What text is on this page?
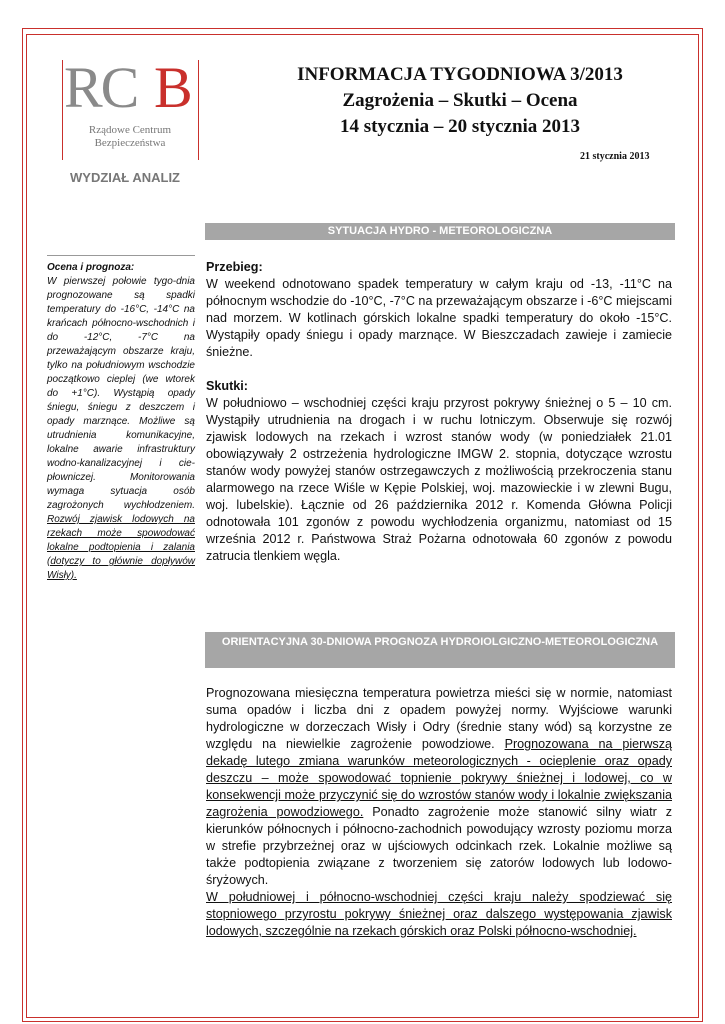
RC B
Rządowe Centrum
Bezpieczeństwa
WYDZIAŁ ANALIZ
INFORMACJA TYGODNIOWA 3/2013
Zagrożenia – Skutki – Ocena
14 stycznia – 20 stycznia 2013
21 stycznia 2013
SYTUACJA HYDRO - METEOROLOGICZNA
Ocena i prognoza:
W pierwszej połowie tygo-dnia prognozowane są spadki temperatury do -16°C, -14°C na krańcach północno-wschodnich i do -12°C, -7°C na przeważającym obszarze kraju, tylko na południowym wschodzie początkowo cieplej (we wtorek do +1°C). Wystąpią opady śniegu, śniegu z deszczem i opady marznące. Możliwe są utrudnienia komunikacyjne, lokalne awarie infrastruktury wodno-kanalizacyjnej i cie-płowniczej. Monitorowania wymaga sytuacja osób zagrożonych wychłodzeniem. Rozwój zjawisk lodowych na rzekach może spowodować lokalne podtopienia i zalania (dotyczy to głównie dopływów Wisły).

Przebieg:

W weekend odnotowano spadek temperatury w całym kraju od -13, -11°C na północnym wschodzie do -10°C, -7°C na przeważającym obszarze i -6°C miejscami nad morzem. W kotlinach górskich lokalne spadki temperatury do około -15°C. Wystąpiły opady śniegu i opady marznące. W Bieszczadach zawieje i zamiecie śnieżne.

Skutki:

W południowo – wschodniej części kraju przyrost pokrywy śnieżnej o 5 – 10 cm. Wystąpiły utrudnienia na drogach i w ruchu lotniczym. Obserwuje się rozwój zjawisk lodowych na rzekach i wzrost stanów wody (w poniedziałek 21.01 obowiązywały 2 ostrzeżenia hydrologiczne IMGW 2. stopnia, dotyczące wzrostu stanów wody powyżej stanów ostrzegawczych z możliwością przekroczenia stanu alarmowego na rzece Wiśle w Kępie Polskiej, woj. mazowieckie i w zlewni Bugu, woj. lubelskie). Łącznie od 26 października 2012 r. Komenda Główna Policji odnotowała 101 zgonów z powodu wychłodzenia organizmu, natomiast od 15 września 2012 r. Państwowa Straż Pożarna odnotowała 60 zgonów z powodu zatrucia tlenkiem węgla.

ORIENTACYJNA 30-DNIOWA PROGNOZA HYDROIOLGICZNO-METEOROLOGICZNA

Prognozowana miesięczna temperatura powietrza mieści się w normie, natomiast suma opadów i liczba dni z opadem powyżej normy. Wyjściowe warunki hydrologiczne w dorzeczach Wisły i Odry (średnie stany wód) są korzystne ze względu na niewielkie zagrożenie powodziowe. Prognozowana na pierwszą dekadę lutego zmiana warunków meteorologicznych - ocieplenie oraz opady deszczu – może spowodować topnienie pokrywy śnieżnej i lodowej, co w konsekwencji może przyczynić się do wzrostów stanów wody i lokalnie zwiększania zagrożenia powodziowego. Ponadto zagrożenie może stanowić silny wiatr z kierunków północnych i północno-zachodnich powodujący wzrosty poziomu morza w strefie przybrzeżnej oraz w ujściowych odcinkach rzek. Lokalnie możliwe są także podtopienia związane z tworzeniem się zatorów lodowych lub lodowo-śryżowych.

W południowej i północno-wschodniej części kraju należy spodziewać się stopniowego przyrostu pokrywy śnieżnej oraz dalszego występowania zjawisk lodowych, szczególnie na rzekach górskich oraz Polski północno-wschodniej.
